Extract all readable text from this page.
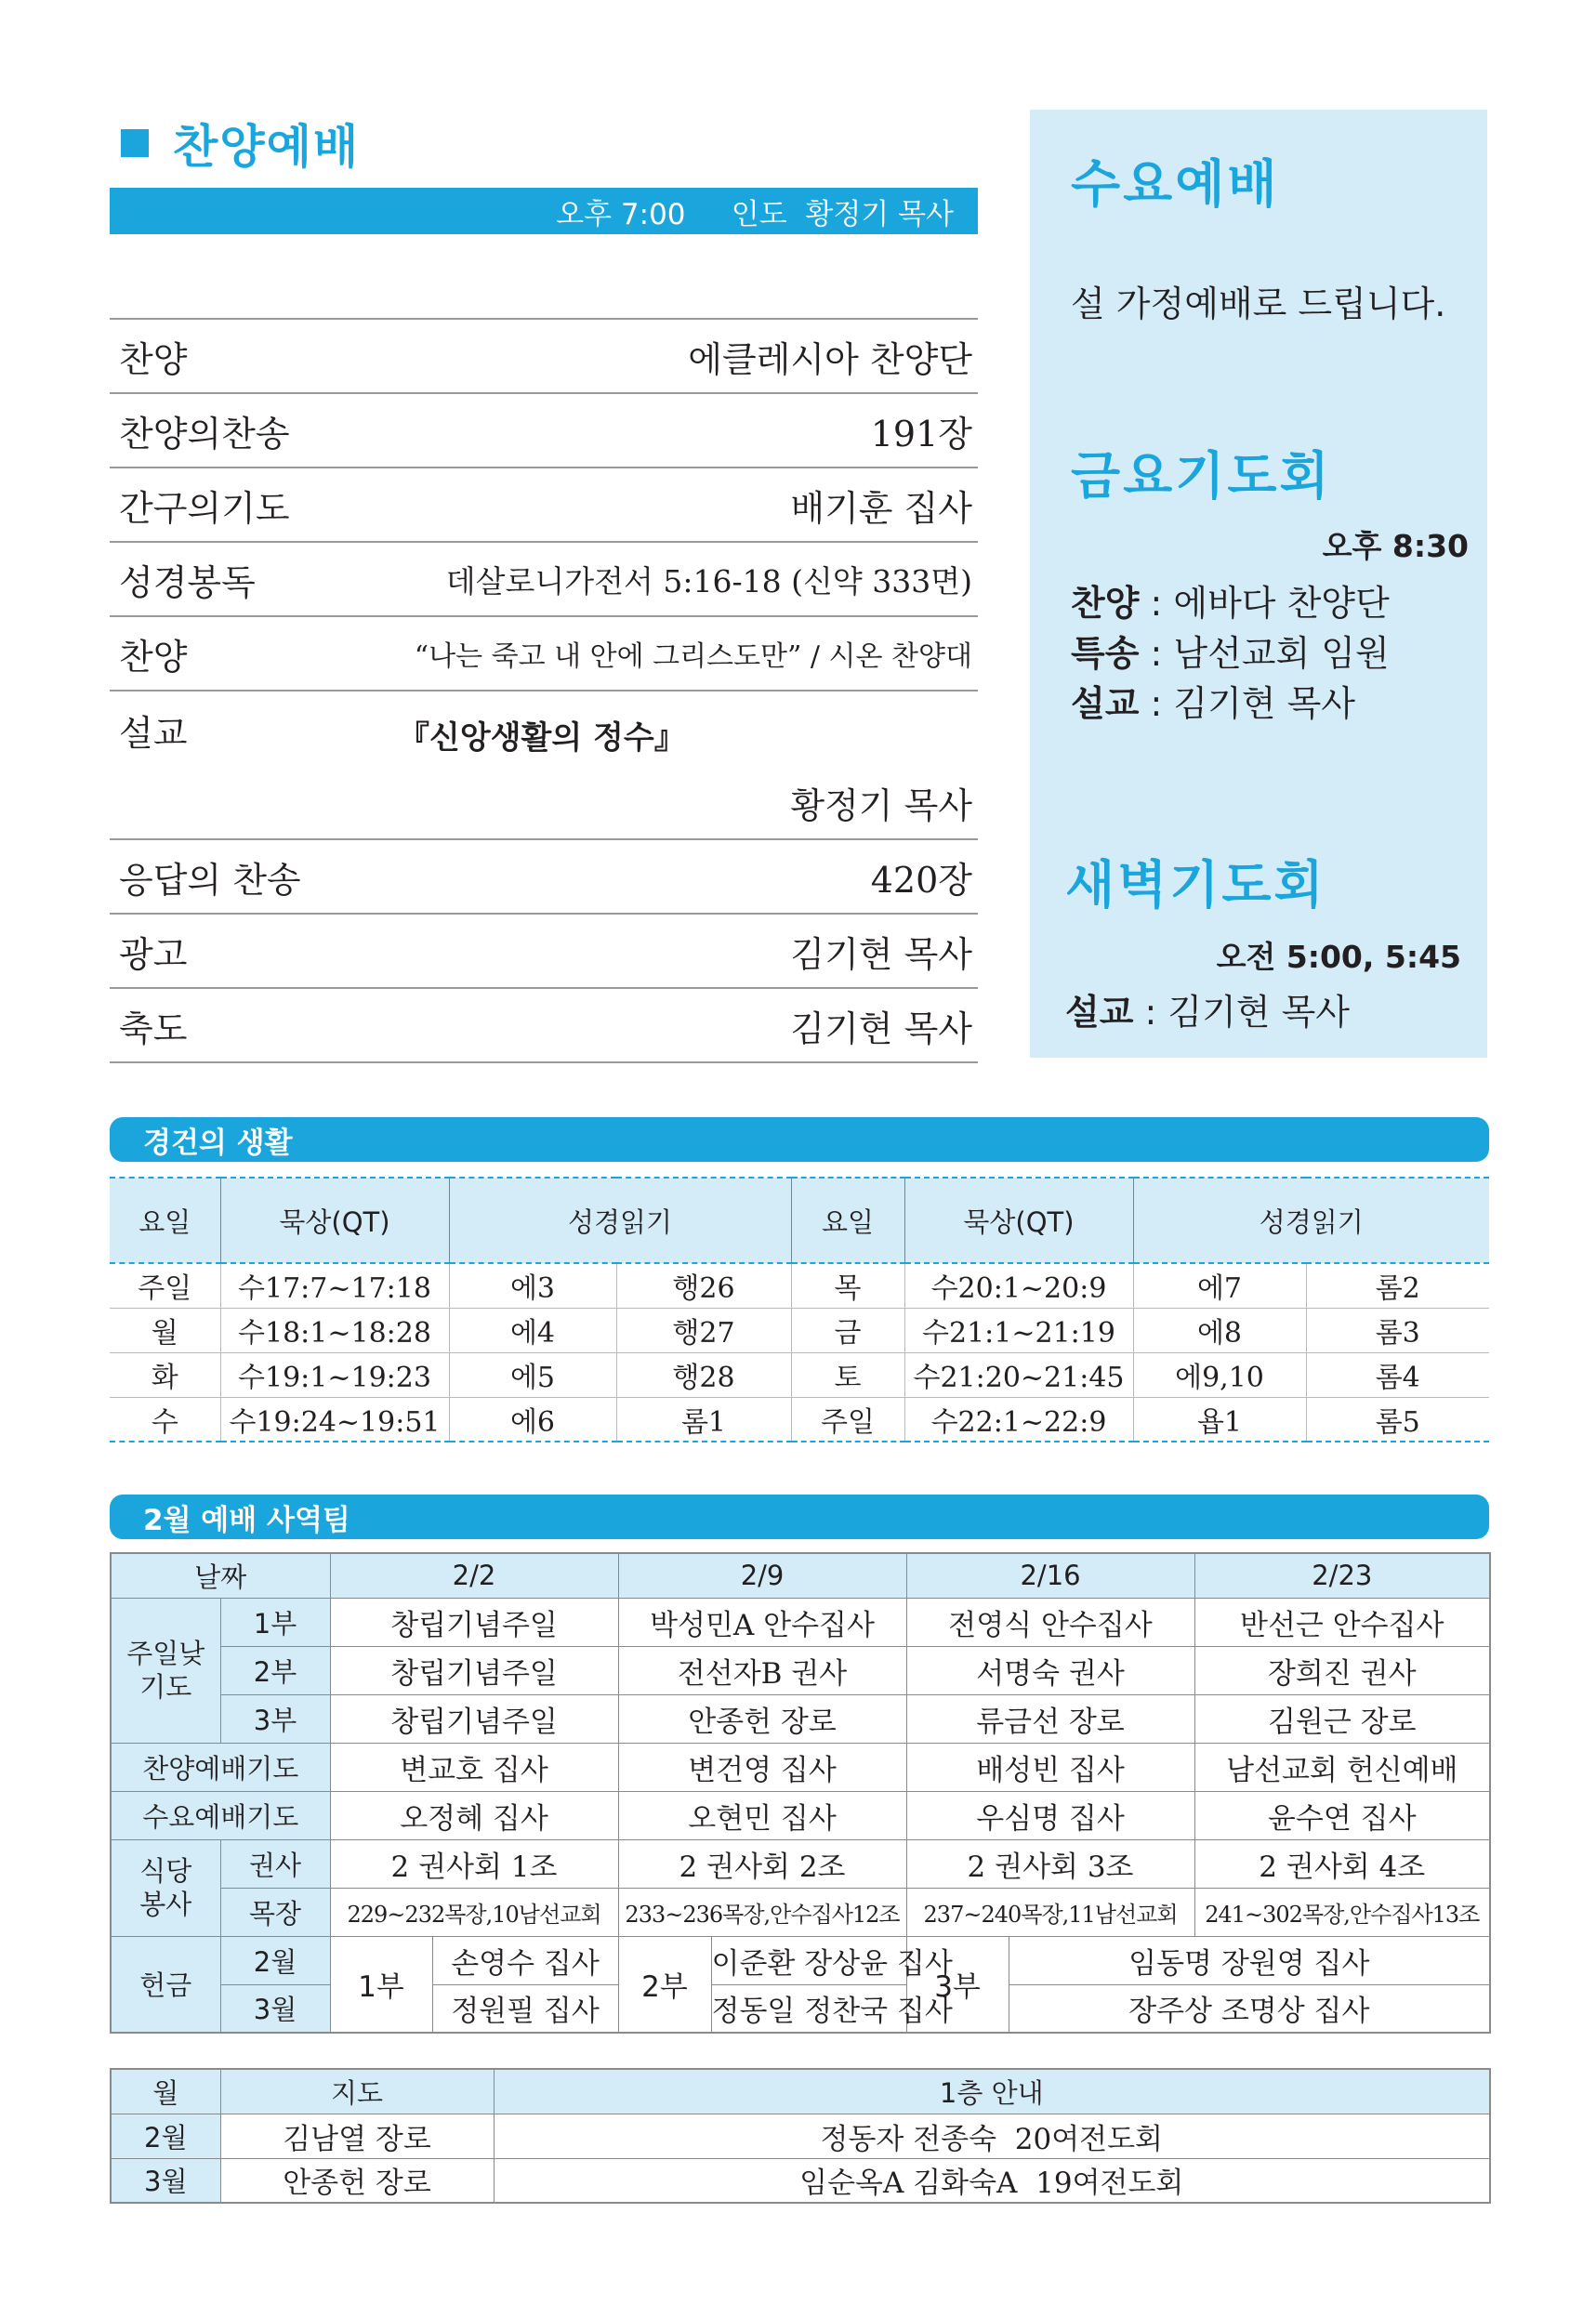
찬양예배
오후 7:00     인도  황정기 목사
찬양	에클레시아 찬양단
찬양의찬송	191장
간구의기도	배기훈 집사
성경봉독	데살로니가전서 5:16-18 (신약 333면)
찬양	“나는 죽고 내 안에 그리스도만” / 시온 찬양대
설교	『신앙생활의 정수』
황정기 목사
응답의 찬송	420장
광고	김기현 목사
축도	김기현 목사
수요예배
설 가정예배로 드립니다.
금요기도회
오후 8:30
찬양 : 에바다 찬양단
특송 : 남선교회 임원
설교 : 김기현 목사
새벽기도회
오전 5:00, 5:45
설교 : 김기현 목사
경건의 생활
요일	묵상(QT)	성경읽기		요일	묵상(QT)	성경읽기	
주일	수17:7~17:18	에3	행26	목	수20:1~20:9	에7	롬2
월	수18:1~18:28	에4	행27	금	수21:1~21:19	에8	롬3
화	수19:1~19:23	에5	행28	토	수21:20~21:45	에9,10	롬4
수	수19:24~19:51	에6	롬1	주일	수22:1~22:9	욥1	롬5
2월 예배 사역팀
날짜		2/2		2/9		2/16		2/23
주일낮 기도	1부	창립기념주일		박성민A 안수집사		전영식 안수집사		반선근 안수집사
	2부	창립기념주일		전선자B 권사		서명숙 권사		장희진 권사
	3부	창립기념주일		안종헌 장로		류금선 장로		김원근 장로
찬양예배기도		변교호 집사		변건영 집사		배성빈 집사		남선교회 헌신예배
수요예배기도		오정혜 집사		오현민 집사		우심명 집사		윤수연 집사
식당 봉사	권사	2 권사회 1조		2 권사회 2조		2 권사회 3조		2 권사회 4조
	목장	229~232목장,10남선교회		233~236목장,안수집사12조		237~240목장,11남선교회		241~302목장,안수집사13조
헌금	2월	1부	손영수 집사	2부	이준환 장상윤 집사	3부	임동명 장원영 집사	
	3월		정원필 집사		정동일 정찬국 집사		장주상 조명상 집사	
월	지도	1층 안내
2월	김남열 장로	정동자 전종숙  20여전도회
3월	안종헌 장로	임순옥A 김화숙A  19여전도회
